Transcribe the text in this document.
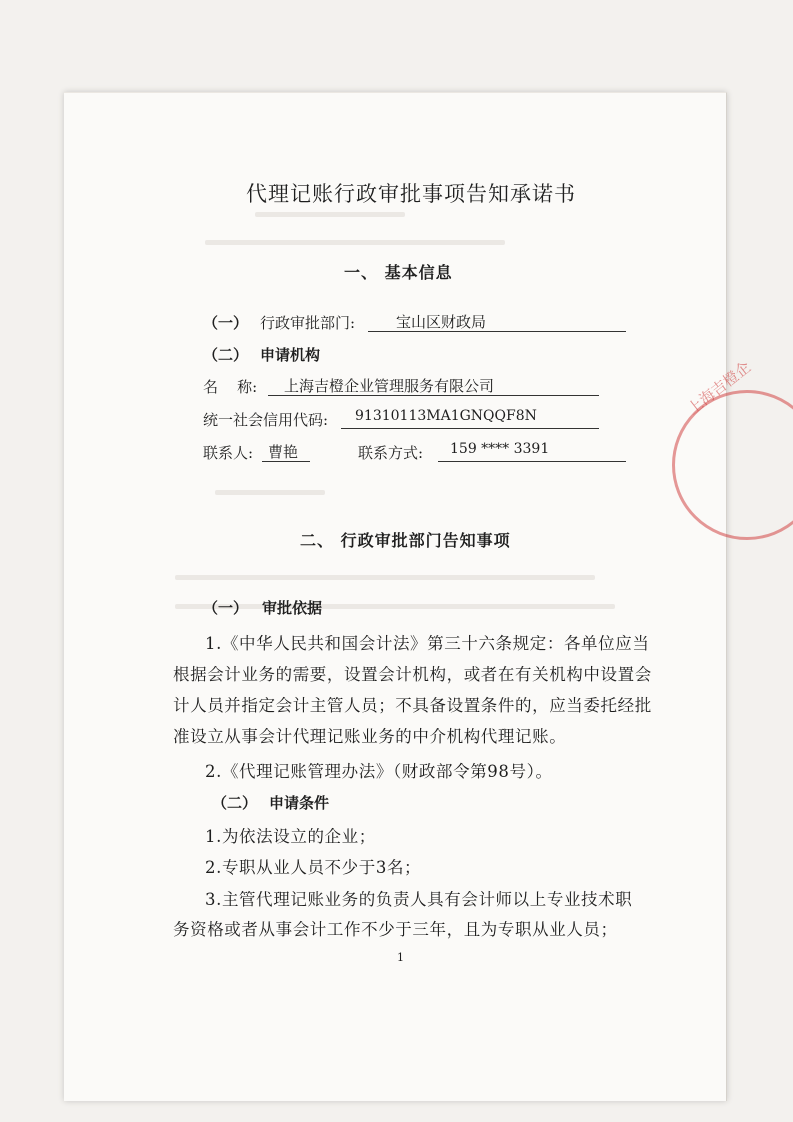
代理记账行政审批事项告知承诺书
一、 基本信息
（一） 行政审批部门:	宝山区财政局
（二） 申请机构
名    称: 上海吉橙企业管理服务有限公司
统一社会信用代码: 91310113MA1GNQQF8N
联系人: 曹艳	联系方式: 159 **** 3391
二、 行政审批部门告知事项
（一） 审批依据
1.《中华人民共和国会计法》第三十六条规定：各单位应当
根据会计业务的需要，设置会计机构，或者在有关机构中设置会
计人员并指定会计主管人员；不具备设置条件的，应当委托经批
准设立从事会计代理记账业务的中介机构代理记账。
2.《代理记账管理办法》（财政部令第98号）。
（二） 申请条件
1.为依法设立的企业；
2.专职从业人员不少于3名；
3.主管代理记账业务的负责人具有会计师以上专业技术职
务资格或者从事会计工作不少于三年，且为专职从业人员；
1
上海吉橙企
